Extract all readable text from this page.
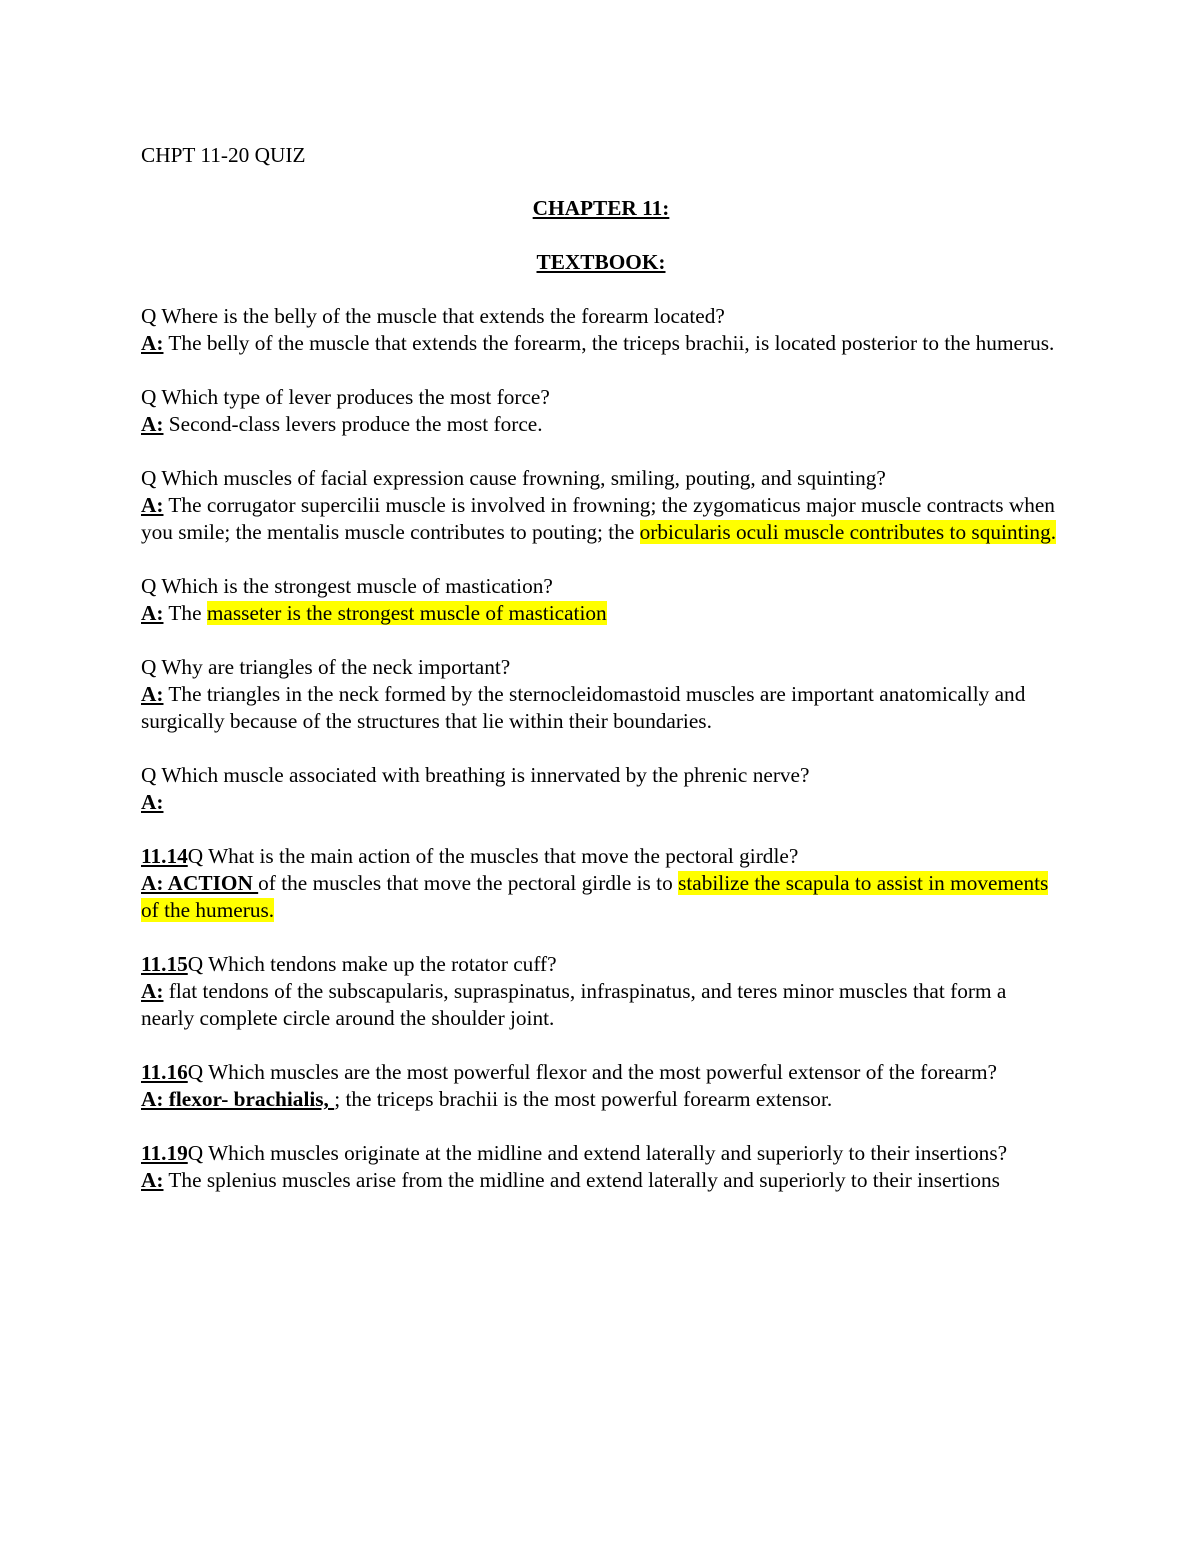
CHPT 11-20 QUIZ
CHAPTER 11:
TEXTBOOK:
Q Where is the belly of the muscle that extends the forearm located?
A: The belly of the muscle that extends the forearm, the triceps brachii, is located posterior to the humerus.
Q Which type of lever produces the most force?
A: Second-class levers produce the most force.
Q Which muscles of facial expression cause frowning, smiling, pouting, and squinting?
A: The corrugator supercilii muscle is involved in frowning; the zygomaticus major muscle contracts when you smile; the mentalis muscle contributes to pouting; the orbicularis oculi muscle contributes to squinting.
Q Which is the strongest muscle of mastication?
A: The masseter is the strongest muscle of mastication
Q Why are triangles of the neck important?
A: The triangles in the neck formed by the sternocleidomastoid muscles are important anatomically and surgically because of the structures that lie within their boundaries.
Q Which muscle associated with breathing is innervated by the phrenic nerve?
A:
11.14Q What is the main action of the muscles that move the pectoral girdle?
A: ACTION of the muscles that move the pectoral girdle is to stabilize the scapula to assist in movements of the humerus.
11.15Q Which tendons make up the rotator cuff?
A: flat tendons of the subscapularis, supraspinatus, infraspinatus, and teres minor muscles that form a nearly complete circle around the shoulder joint.
11.16Q Which muscles are the most powerful flexor and the most powerful extensor of the forearm?
A: flexor- brachialis, ; the triceps brachii is the most powerful forearm extensor.
11.19Q Which muscles originate at the midline and extend laterally and superiorly to their insertions?
A: The splenius muscles arise from the midline and extend laterally and superiorly to their insertions
